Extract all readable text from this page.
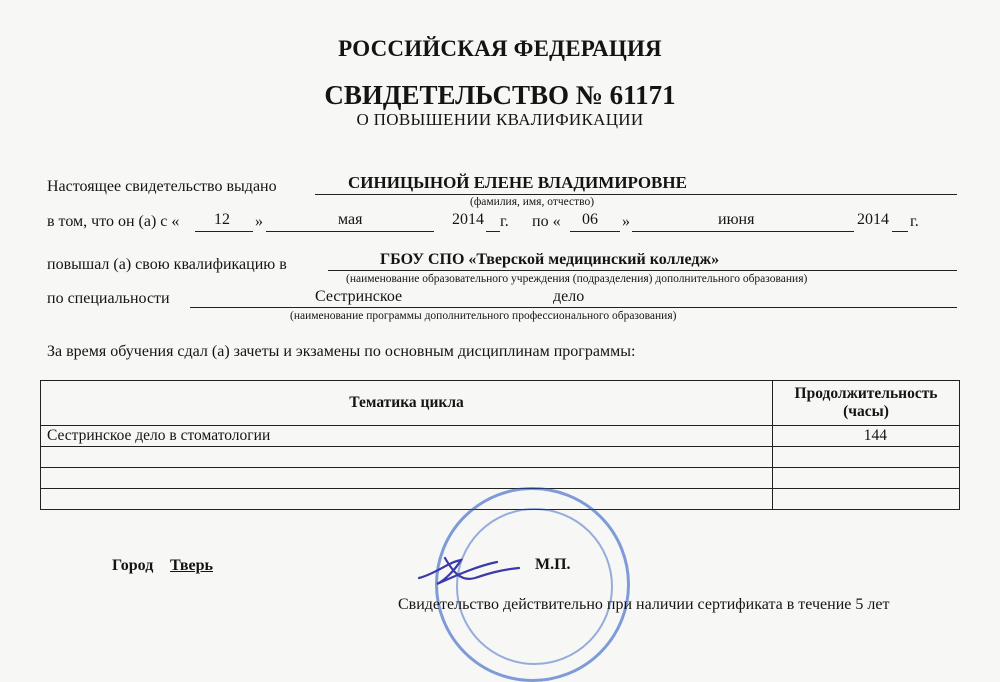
РОССИЙСКАЯ ФЕДЕРАЦИЯ
СВИДЕТЕЛЬСТВО № 61171
О ПОВЫШЕНИИ КВАЛИФИКАЦИИ
Настоящее свидетельство выдано	СИНИЦЫНОЙ ЕЛЕНЕ ВЛАДИМИРОВНЕ
(фамилия, имя, отчество)
в том, что он (а) с « 12 »	мая	2014 г. по « 06 »	июня	2014 г.
повышал (а) свою квалификацию в	ГБОУ СПО «Тверской медицинский колледж»
(наименование образовательного учреждения (подразделения) дополнительного образования)
по специальности	Сестринское	дело
(наименование программы дополнительного профессионального образования)
За время обучения сдал (а) зачеты и экзамены по основным дисциплинам программы:
Тематика цикла	Продолжительность (часы)
Сестринское дело в стоматологии	144

Город Тверь	М.П.
Свидетельство действительно при наличии сертификата в течение 5 лет
